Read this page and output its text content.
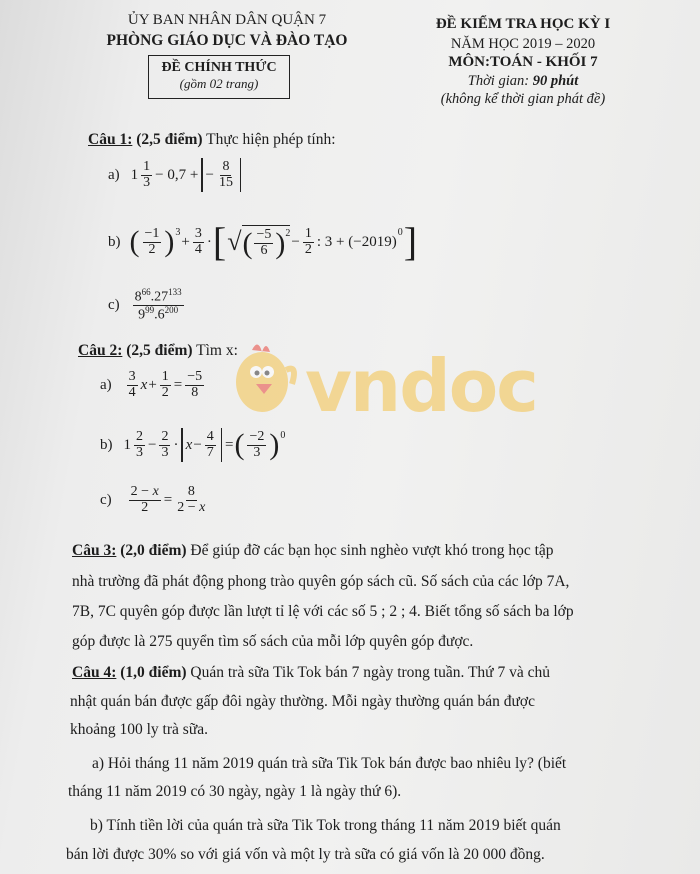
ỦY BAN NHÂN DÂN QUẬN 7
PHÒNG GIÁO DỤC VÀ ĐÀO TẠO
ĐỀ CHÍNH THỨC
(gồm 02 trang)
ĐỀ KIỂM TRA HỌC KỲ I
NĂM HỌC 2019 – 2020
MÔN:TOÁN - KHỐI 7
Thời gian: 90 phút
(không kể thời gian phát đề)
vndoc
Câu 1: (2,5 điểm) Thực hiện phép tính:
a) $1 \frac{1}{3} - 0,7$ + − $\frac{8}{15}$
b) ( $\frac{-1}{2}$ ) 3
+ $\frac{3}{4}$ · [ √ ( $\frac{-5}{6}$ ) $2 - \frac{1}{2}$ : 3 + (−2019)
0 ]
$c) \frac{8^{66}.27^{133}}{9^{99}.6^{200}}$
Câu 2: (2,5 điểm) Tìm x:
$a) \frac{3}{4}$ $x + \frac{1}{2} = \frac{-5}{8}$
b) $1 \frac{2}{3} - \frac{2}{3} \cdot x - \frac{4}{7}$ = ( $\frac{-2}{3}$ ) 0
$c) \frac{2 - x}{2} = \frac{8}{2 - x}$
Câu 3: (2,0 điểm) Để giúp đỡ các bạn học sinh nghèo vượt khó trong học tập
nhà trường đã phát động phong trào quyên góp sách cũ. Số sách của các lớp 7A,
7B, 7C quyên góp được lần lượt tỉ lệ với các số 5 ; 2 ; 4. Biết tổng số sách ba lớp
góp được là 275 quyển tìm số sách của mỗi lớp quyên góp được.
Câu 4: (1,0 điểm) Quán trà sữa Tik Tok bán 7 ngày trong tuần. Thứ 7 và chủ
nhật quán bán được gấp đôi ngày thường. Mỗi ngày thường quán bán được
khoảng 100 ly trà sữa.
a) Hỏi tháng 11 năm 2019 quán trà sữa Tik Tok bán được bao nhiêu ly? (biết
tháng 11 năm 2019 có 30 ngày, ngày 1 là ngày thứ 6).
b) Tính tiền lời của quán trà sữa Tik Tok trong tháng 11 năm 2019 biết quán
bán lời được 30% so với giá vốn và một ly trà sữa có giá vốn là 20 000 đồng.
